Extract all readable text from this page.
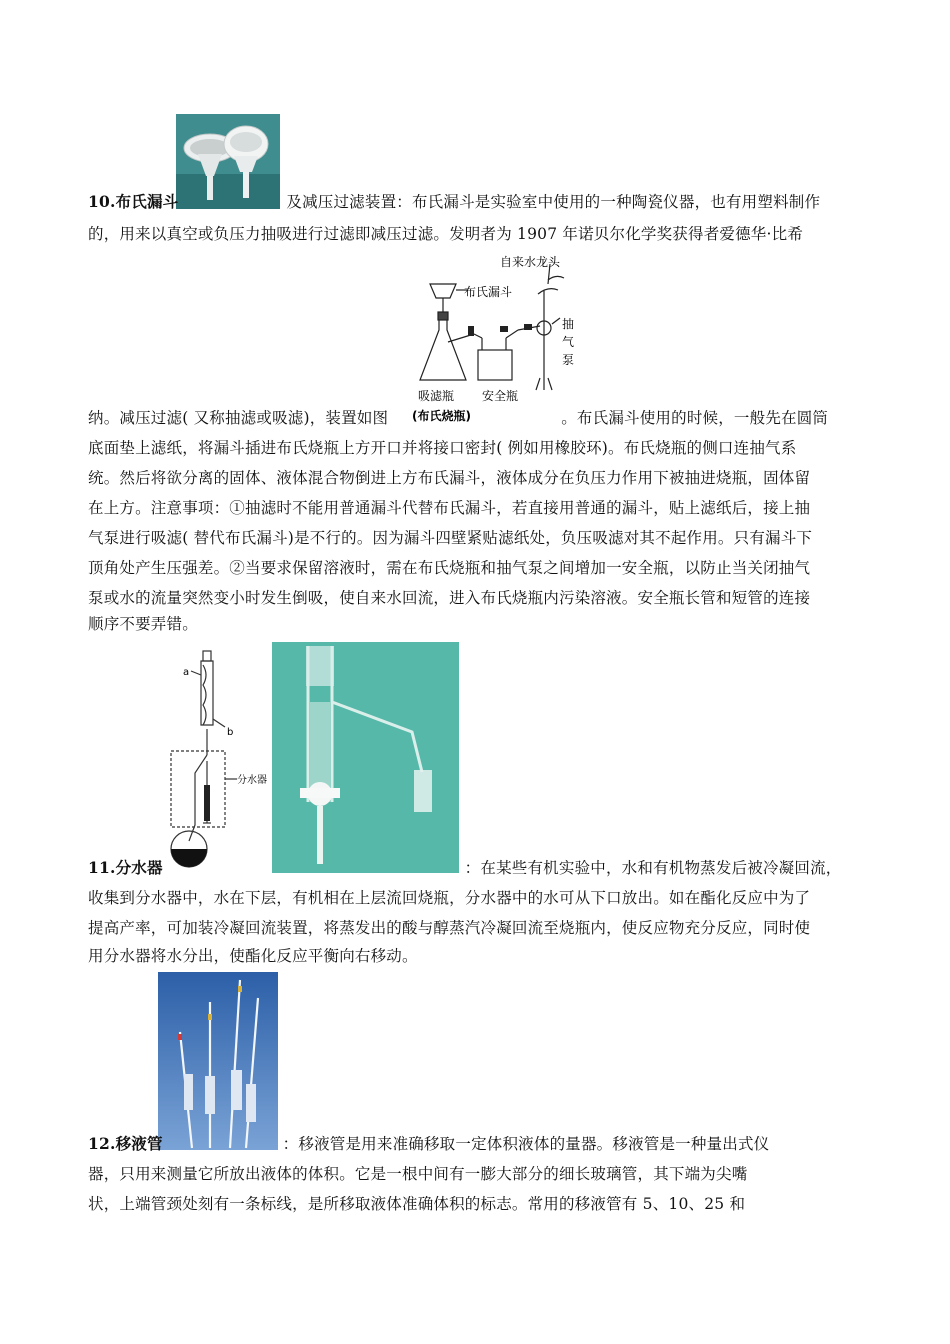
10.布氏漏斗	及减压过滤装置：布氏漏斗是实验室中使用的一种陶瓷仪器，也有用塑料制作
的，用来以真空或负压力抽吸进行过滤即减压过滤。发明者为 1907 年诺贝尔化学奖获得者爱德华·比希
自来水龙头
布氏漏斗
抽气泵
吸滤瓶 安全瓶
(布氏烧瓶)
纳。减压过滤( 又称抽滤或吸滤)，装置如图	。布氏漏斗使用的时候，一般先在圆筒
底面垫上滤纸，将漏斗插进布氏烧瓶上方开口并将接口密封( 例如用橡胶环)。布氏烧瓶的侧口连抽气系
统。然后将欲分离的固体、液体混合物倒进上方布氏漏斗，液体成分在负压力作用下被抽进烧瓶，固体留
在上方。注意事项：①抽滤时不能用普通漏斗代替布氏漏斗，若直接用普通的漏斗，贴上滤纸后，接上抽
气泵进行吸滤( 替代布氏漏斗)是不行的。因为漏斗四壁紧贴滤纸处，负压吸滤对其不起作用。只有漏斗下
顶角处产生压强差。②当要求保留溶液时，需在布氏烧瓶和抽气泵之间增加一安全瓶，以防止当关闭抽气
泵或水的流量突然变小时发生倒吸，使自来水回流，进入布氏烧瓶内污染溶液。安全瓶长管和短管的连接
顺序不要弄错。
a
b
分水器
11.分水器	：在某些有机实验中，水和有机物蒸发后被冷凝回流，
收集到分水器中，水在下层，有机相在上层流回烧瓶，分水器中的水可从下口放出。如在酯化反应中为了
提高产率，可加装冷凝回流装置，将蒸发出的酸与醇蒸汽冷凝回流至烧瓶内，使反应物充分反应，同时使
用分水器将水分出，使酯化反应平衡向右移动。
12.移液管	：移液管是用来准确移取一定体积液体的量器。移液管是一种量出式仪
器，只用来测量它所放出液体的体积。它是一根中间有一膨大部分的细长玻璃管，其下端为尖嘴
状，上端管颈处刻有一条标线，是所移取液体准确体积的标志。常用的移液管有 5、10、25 和
